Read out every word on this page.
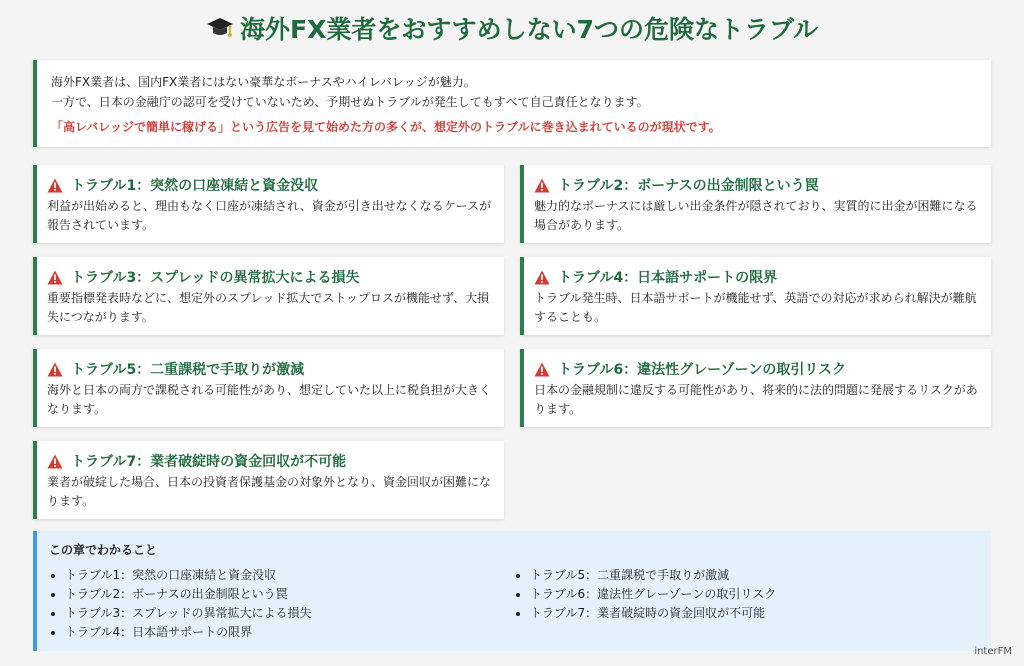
海外FX業者をおすすめしない7つの危険なトラブル
海外FX業者は、国内FX業者にはない豪華なボーナスやハイレバレッジが魅力。
一方で、日本の金融庁の認可を受けていないため、予期せぬトラブルが発生してもすべて自己責任となります。
「高レバレッジで簡単に稼げる」という広告を見て始めた方の多くが、想定外のトラブルに巻き込まれているのが現状です。
トラブル1：突然の口座凍結と資金没収
利益が出始めると、理由もなく口座が凍結され、資金が引き出せなくなるケースが報告されています。
トラブル2：ボーナスの出金制限という罠
魅力的なボーナスには厳しい出金条件が隠されており、実質的に出金が困難になる場合があります。
トラブル3：スプレッドの異常拡大による損失
重要指標発表時などに、想定外のスプレッド拡大でストップロスが機能せず、大損失につながります。
トラブル4：日本語サポートの限界
トラブル発生時、日本語サポートが機能せず、英語での対応が求められ解決が難航することも。
トラブル5：二重課税で手取りが激減
海外と日本の両方で課税される可能性があり、想定していた以上に税負担が大きくなります。
トラブル6：違法性グレーゾーンの取引リスク
日本の金融規制に違反する可能性があり、将来的に法的問題に発展するリスクがあります。
トラブル7：業者破綻時の資金回収が不可能
業者が破綻した場合、日本の投資者保護基金の対象外となり、資金回収が困難になります。
この章でわかること
• トラブル1：突然の口座凍結と資金没収
• トラブル2：ボーナスの出金制限という罠
• トラブル3：スプレッドの異常拡大による損失
• トラブル4：日本語サポートの限界
• トラブル5：二重課税で手取りが激減
• トラブル6：違法性グレーゾーンの取引リスク
• トラブル7：業者破綻時の資金回収が不可能
interFM
